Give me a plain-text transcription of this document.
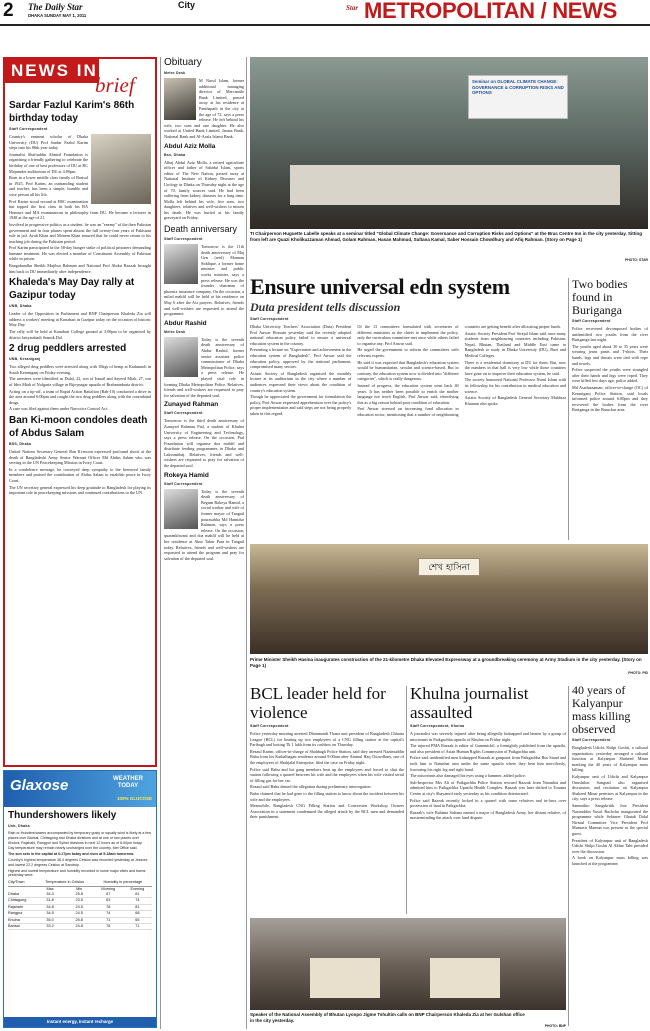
2 The Daily Star
DHAKA SUNDAY MAY 1, 2011
City	Star METROPOLITAN / NEWS
NEWS IN
brief
Sardar Fazlul Karim's 86th birthday today
Staff Correspondent

Country's eminent scholar of Dhaka University (DU) Prof Sardar Fazlul Karim steps into his 86th year today.

Journalist Shafiuddin Ahmed Foundation is organising a friendly gathering to celebrate the birthday of one of best professors of DU at RC Majumder auditorium of DU at 4:00pm.

Born in a lower middle class family of Barisal in 1925, Prof Karim, an outstanding student and teacher, has been a simple, humble and wise person all his life.

Prof Karim stood second at HSC examination but topped the first class in both his BA Honours and MA examinations in philosophy from DU. He became a lecturer in 1948 at the age of 21.

Involved in progressive politics as a student, he was an "enemy" of the then Pakistan government and in four phases spent almost the full twenty-four years of Pakistani rule in jail. Ayub Khan and Monem Khan ensured that he could never return to his teaching job during the Pakistan period.

Prof Karim participated in the 58-day hunger strike of political prisoners demanding humane treatment. He was elected a member of Constituent Assembly of Pakistan while in prison.

Bangabandhu Sheikh Mujibur Rahman and National Prof Abdur Razzak brought him back to DU immediately after independence.

Khaleda's May Day rally at Gazipur today
UNB, Dhaka

Leader of the Opposition in Parliament and BNP Chairperson Khaleda Zia will address a workers' meeting at Konabari in Gazipur today on the occasion of historic May Day.

The rally will be held at Konabari College ground at 3:00pm to be organised by district Jatiyatabadi Sramik Dal.

2 drug peddlers arrested
UNB, Keraniganj

Two alleged drug peddlers were arrested along with 10kgs of hemp at Kadamtoli in South Keraniganj on Friday evening.

The arrestees were identified as Dulal, 22, son of Ismail and Sayeed Miah, 27, son of Idris Miah of Nolgaria village in Bijoynagar upazila of Brahmanbaria district.

Acting on a tip-off, a team of Rapid Action Battalion (Rab-10) conducted a drive in the area around 6:00pm and caught the two drug peddlers along with the contraband drugs.

A case was filed against them under Narcotics Control Act.

Ban Ki-moon condoles death of Abdus Salam
BSS, Dhaka

United Nations Secretary General Ban Ki-moon expressed profound shock at the death of Bangladeshi Army Senior Warrant Officer Md Abdus Salam who was serving in the UN Peacekeeping Mission in Ivory Coast.

In a condolence message, he conveyed deep sympathy to the bereaved family members and praised the contribution of Abdus Salam to establish peace in Ivory Coast.

The UN secretary general expressed his deep gratitude to Bangladesh for playing its important role in peacekeeping missions and continued contributions to the UN.

Glaxose	WEATHER TODAY
100% GLUCOSE
Thundershowers likely
Unb, Dhaka

Rain or thundershowers accompanied by temporary gusty or squally wind is likely at a few places over Barisal, Chittagong and Dhaka divisions and at one or two places over Khulna, Rajshahi, Rangpur and Sylhet divisions in next 12 hours as of 6:00pm today.

Day temperature may remain nearly unchanged over the country, Met Office said.

The sun sets in the capital at 6:27pm today and rises at 5:28am tomorrow.

Country's highest temperature 36.4 degrees Celsius was recorded yesterday at Jessore and lowest 22.2 degrees Celsius at Sandwip.

Highest and lowest temperature and humidity recorded in some major cities and towns yesterday were:

City/Town	Temperature in Celsius		Humidity in percentage	
	Max	Min	Morning	Evening
Dhaka	34.3	25.8	67	61
Chittagong	31.8	23.5	63	74
Rajshahi	34.8	24.5	78	81
Rangpur	34.5	24.5	74	68
Khulna	35.0	25.8	71	65
Barisal	33.2	24.8	76	71
Instant energy, Instant recharge
Obituary
Metro Desk
M Nurul Islam, former additional managing director of Mercantile Bank Limited, passed away at his residence at Panthapath in the city at the age of 72, says a press release. He left behind his wife, two sons and one daughter. He also worked at United Bank Limited, Janata Bank, National Bank and Al-Arafa Islami Bank.
Abdul Aziz Molla
Bss, Dhaka
Alhaj Abdul Aziz Molla, a retired agriculture officer and father of Sahidul Islam, sports editor of The New Nation, passed away at National Institute of Kidney Diseases and Urology in Dhaka on Thursday night at the age of 70, family sources said. He had been suffering from kidney diseases for a long time. Molla left behind his wife, five sons, two daughters, relatives and well-wishers to mourn his death. He was buried at his family graveyard on Friday.
Death anniversary
Staff Correspondent
Tomorrow is the 11th death anniversary of Maj Gen (retd) Mannan Siddique, a former home minister and public works minister, says a press release. He was the founder chairman of phoenix insurance company. On the occasion, a milad mahfil will be held at his residence on May 6 after the Asr prayers. Relatives, friends and well-wishers are requested to attend the programme.
Abdur Rashid
Metro Desk
Today is the seventh death anniversary of Abdur Rashid, former senior assistant police commissioner of Dhaka Metropolitan Police, says a press release. He played vital role in forming Dhaka Metropolitan Police. Relatives, friends and well-wishers are requested to pray for salvation of the departed soul.
Zunayed Rahman
Staff Correspondent
Tomorrow is the third death anniversary of Zunayed Rahman Pial, a student of Khulna University of Engineering and Technology, says a press release. On the occasion, Pial Foundation will organise doa mahfil and distribute feeding programmes in Dhaka and Lakssmitbaj. Relatives, friends and well-wishers are requested to pray for salvation of the departed soul.
Rokeya Hamid
Staff Correspondent
Today is the seventh death anniversary of Begum Rokeya Hamid, a social worker and wife of former mayor of Tangail pourasabha Md Hamidur Rahman, says a press release. On the occasion, quarankhwani and doa mahfil will be held at her residence at Akur Takur Para in Tangail today. Relatives, friends and well-wishers are requested to attend the program and pray for salvation of the departed soul.
Seminar on GLOBAL CLIMATE CHANGE: GOVERNANCE & CORRUPTION RISKS AND OPTIONS
TI Chairperson Huguette Labelle speaks at a seminar titled "Global Climate Change: Governance and Corruption Risks and Options" at the Brac Centre Inn in the city yesterday. Sitting from left are Quazi Kholikuzzaman Ahmad, Golam Rahman, Hasan Mahmud, Sultana Kamal, Saber Hossain Chowdhury and Afiq Rahman. (Story on Page 1)
PHOTO: STAR
Ensure universal edn system
Duta president tells discussion
Staff Correspondent

Dhaka University Teachers' Association (Duta) President Prof Anwar Hossain yesterday said the recently adopted national education policy failed to ensure a universal education system in the country.

Presenting a lecture on "Expectation and achievement in the education system of Bangladesh", Prof Anwar said the education policy, approved by the national parliament, compromised many sectors.

Asiatic Society of Bangladesh organised the monthly lecture at its auditorium in the city where a number of audiences expressed their views about the condition of country's education system.

Though he appreciated the government for formulation the policy, Prof Anwar expressed apprehension over the policy's proper implementation and said steps are not being properly taken in this regard.

Of the 13 committees formulated with secretaries of different ministries as the chiefs to implement the policy, only the curriculum committee met once while others failed to organise any, Prof Anwar said.

He urged the government to reform the committees with relevant experts.

He said it was expected that Bangladesh's education system would be humanitarian, secular and science-based. But in contrary, the education system now is divided into "different categories", which is really dangerous.

Instead of progress, the education system went back 40 years. It has neither been possible to enrich the mother language nor teach English, Prof Anwar said, identifying this as a big reason behind poor condition of education.

Prof Anwar stressed on increasing fund allocation in education sector, mentioning that a number of neighbouring countries are getting benefit after allocating proper funds.

Asiatic Society President Prof Sirajul Islam said once many students from neighbouring countries including Pakistan, Nepal, Bhutan, Thailand and Middle East came to Bangladesh to study in Dhaka University (DU), Buet and Medical Colleges.

There is a residential dormitory at DU for them. But, now the numbers in that hall is very low while those countries have gone on to improve their education system, he said.

The society honoured National Professor Nurul Islam with its fellowship for his contribution in medical education and science.

Asiatic Society of Bangladesh General Secretary Mahfuza Khanam also spoke.

Two bodies found in Buriganga
Staff Correspondent

Police recovered decomposed bodies of unidentified two youths from the river Buriganga last night.

The youths aged about 30 to 35 years were wearing jeans pants and T-shirts. Their hands, legs and throats were tied with rope and towels.

Police suspected the youths were strangled after their hands and legs were roped. They were killed few days ago, police added.

Md Asaduzzaman, officer-in-charge (OC) of Keraniganj Police Station, said locals informed police around 6:00pm and they recovered the bodies from the river Buriganga in the Baruchar area.

শেখ হাসিনা
Prime Minister Sheikh Hasina inaugurates construction of the 21-kilometre Dhaka Elevated Expressway at a groundbreaking ceremony at Army Stadium in the city yesterday. (Story on Page 1)
PHOTO: PID
BCL leader held for violence
Staff Correspondent

Police yesterday morning arrested Dhanmondi Thana unit president of Bangladesh Chhatra League (BCL) for beating up two employees of a CNG filling station at the capital's Paribagh and looting Tk 1 lakh from its cashbox on Thursday.

Rezaul Karim, officer-in-charge of Shahbagh Police Station, said they arrested Nazimuddin Babu from his Kathalbagan residence around 9:00am after Aminul Haq Chowdhury, one of the employees of Shahjalal Enterprise, filed the case on Friday night.

Police said Babu and his gang members beat up the employees and forced to shut the station following a quarrel between his wife and the employees when his wife visited serial of filling gas for her car.

Rezaul said Babu denied the allegation during preliminary interrogation.

Babu claimed that he had gone to the filling station to know about the incident between his wife and the employees.

Meanwhile, Bangladesh CNG Filling Station and Conversion Workshop Owners Association in a statement condemned the alleged attack by the BCL men and demanded their punishment.

Khulna journalist assaulted
Staff Correspondent, Khulna

A journalist was severely injured after being allegedly kidnapped and beaten by a group of miscreants in Paikgachha upazila of Khulna on Friday night.

The injured PMA Razzak is editor of Ganomichil, a fortnightly published from the upazila, and also president of Asian Human Rights Commission of Paikgachha unit.

Police said unidentified men kidnapped Razzak at gunpoint from Paikgachha Bus Stand and took him to Natunhat area under the same upazila where they beat him mercilessly, fracturing his right leg and right hand.

The miscreants also damaged his eyes using a hammer, added police.

Sub-Inspector Mrs Ali of Paikgachha Police Station rescued Razzak from Natunhat and admitted him to Paikgachha Upazila Health Complex. Razzak was later shifted to Trauma Centre at city's Shayamol early yesterday as his condition deteriorated.

Police said Razzak recently locked in a quarrel with some relatives and in-laws over possession of land in Paikgachha.

Razzak's wife Rahima Sultana named a major of Bangladesh Army, her distant relative, of masterminding the attack over land dispute.

Speaker of the National Assembly of Bhutan Lyonpo Jigme Tshultim calls on BNP Chairperson Khaleda Zia at her Gulshan office in the city yesterday.
PHOTO: BNP
40 years of Kalyanpur mass killing observed
Staff Correspondent

Bangladesh Udichi Shilpi Goshti, a cultural organisation, yesterday arranged a cultural function at Kalyanpur Shaheed Minar marking the 40 years of Kalyanpur mass killing.

Kalyanpur unit of Udichi and Kalyanpur Onushilon Sangsad also organised discussion, and recitation on Kalyanpur Shaheed Minar premises at Kalyanpur in the city, says a press release.

Sammilito Sangskritik Jote President Nasiruddin Yusuf Bachchu inaugurated the programme while Sekturer Ghatak Dalal Nirmul Committee Vice President Prof Muntasir Mamun was present as the special guest.

President of Kalyanpur unit of Bangladesh Udichi Shilpi Goshti Al Akbar Tabi presided over the discussion.

A book on Kalyanpur mass killing was launched at the programme.
